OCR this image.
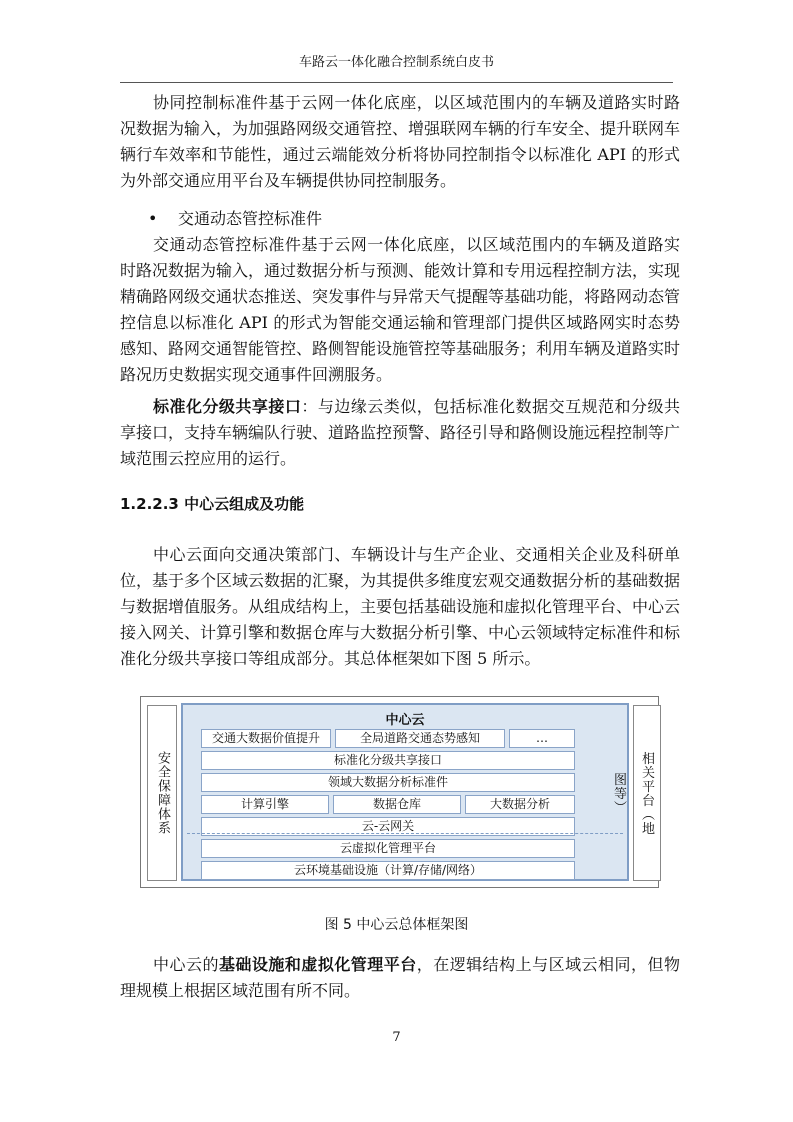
车路云一体化融合控制系统白皮书

协同控制标准件基于云网一体化底座，以区域范围内的车辆及道路实时路况数据为输入，为加强路网级交通管控、增强联网车辆的行车安全、提升联网车辆行车效率和节能性，通过云端能效分析将协同控制指令以标准化 API 的形式为外部交通应用平台及车辆提供协同控制服务。

• 交通动态管控标准件

交通动态管控标准件基于云网一体化底座，以区域范围内的车辆及道路实时路况数据为输入，通过数据分析与预测、能效计算和专用远程控制方法，实现精确路网级交通状态推送、突发事件与异常天气提醒等基础功能，将路网动态管控信息以标准化 API 的形式为智能交通运输和管理部门提供区域路网实时态势感知、路网交通智能管控、路侧智能设施管控等基础服务；利用车辆及道路实时路况历史数据实现交通事件回溯服务。

标准化分级共享接口：与边缘云类似，包括标准化数据交互规范和分级共享接口，支持车辆编队行驶、道路监控预警、路径引导和路侧设施远程控制等广域范围云控应用的运行。

1.2.2.3 中心云组成及功能

中心云面向交通决策部门、车辆设计与生产企业、交通相关企业及科研单位，基于多个区域云数据的汇聚，为其提供多维度宏观交通数据分析的基础数据与数据增值服务。从组成结构上，主要包括基础设施和虚拟化管理平台、中心云接入网关、计算引擎和数据仓库与大数据分析引擎、中心云领域特定标准件和标准化分级共享接口等组成部分。其总体框架如下图 5 所示。

安全保障体系
中心云
交通大数据价值提升	全局道路交通态势感知	…
标准化分级共享接口
领域大数据分析标准件
计算引擎	数据仓库	大数据分析
云-云网关
云虚拟化管理平台
云环境基础设施（计算/存储/网络）
相关平台︵地图等︶
图 5 中心云总体框架图

中心云的基础设施和虚拟化管理平台，在逻辑结构上与区域云相同，但物理规模上根据区域范围有所不同。

7
